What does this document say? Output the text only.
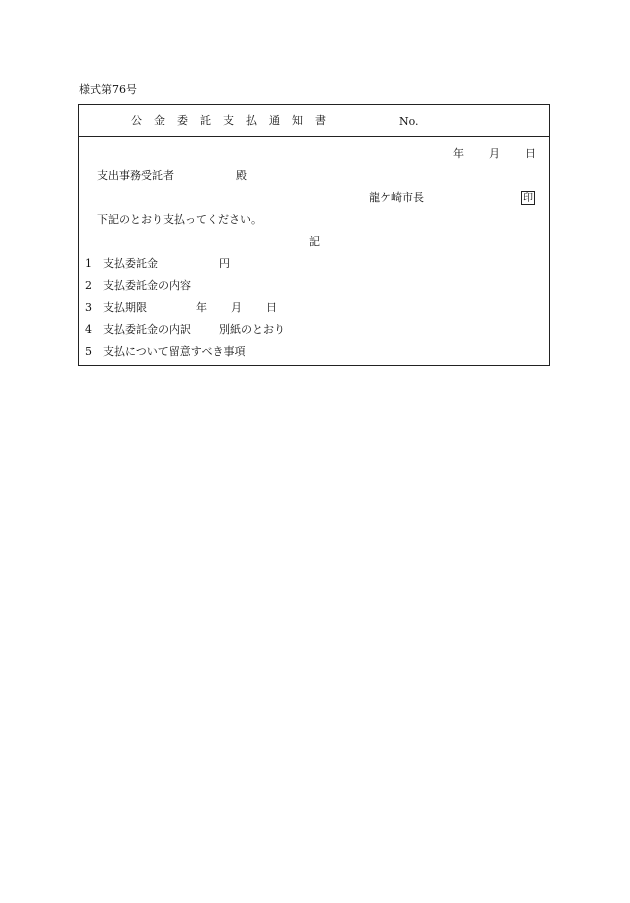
様式第76号
公金委託支払通知書	No.
年 月 日
支出事務受託者	殿
龍ケ崎市長	印
下記のとおり支払ってください。
記
1 支払委託金	円
2 支払委託金の内容
3 支払期限	年 月 日
4 支払委託金の内訳	別紙のとおり
5 支払について留意すべき事項
